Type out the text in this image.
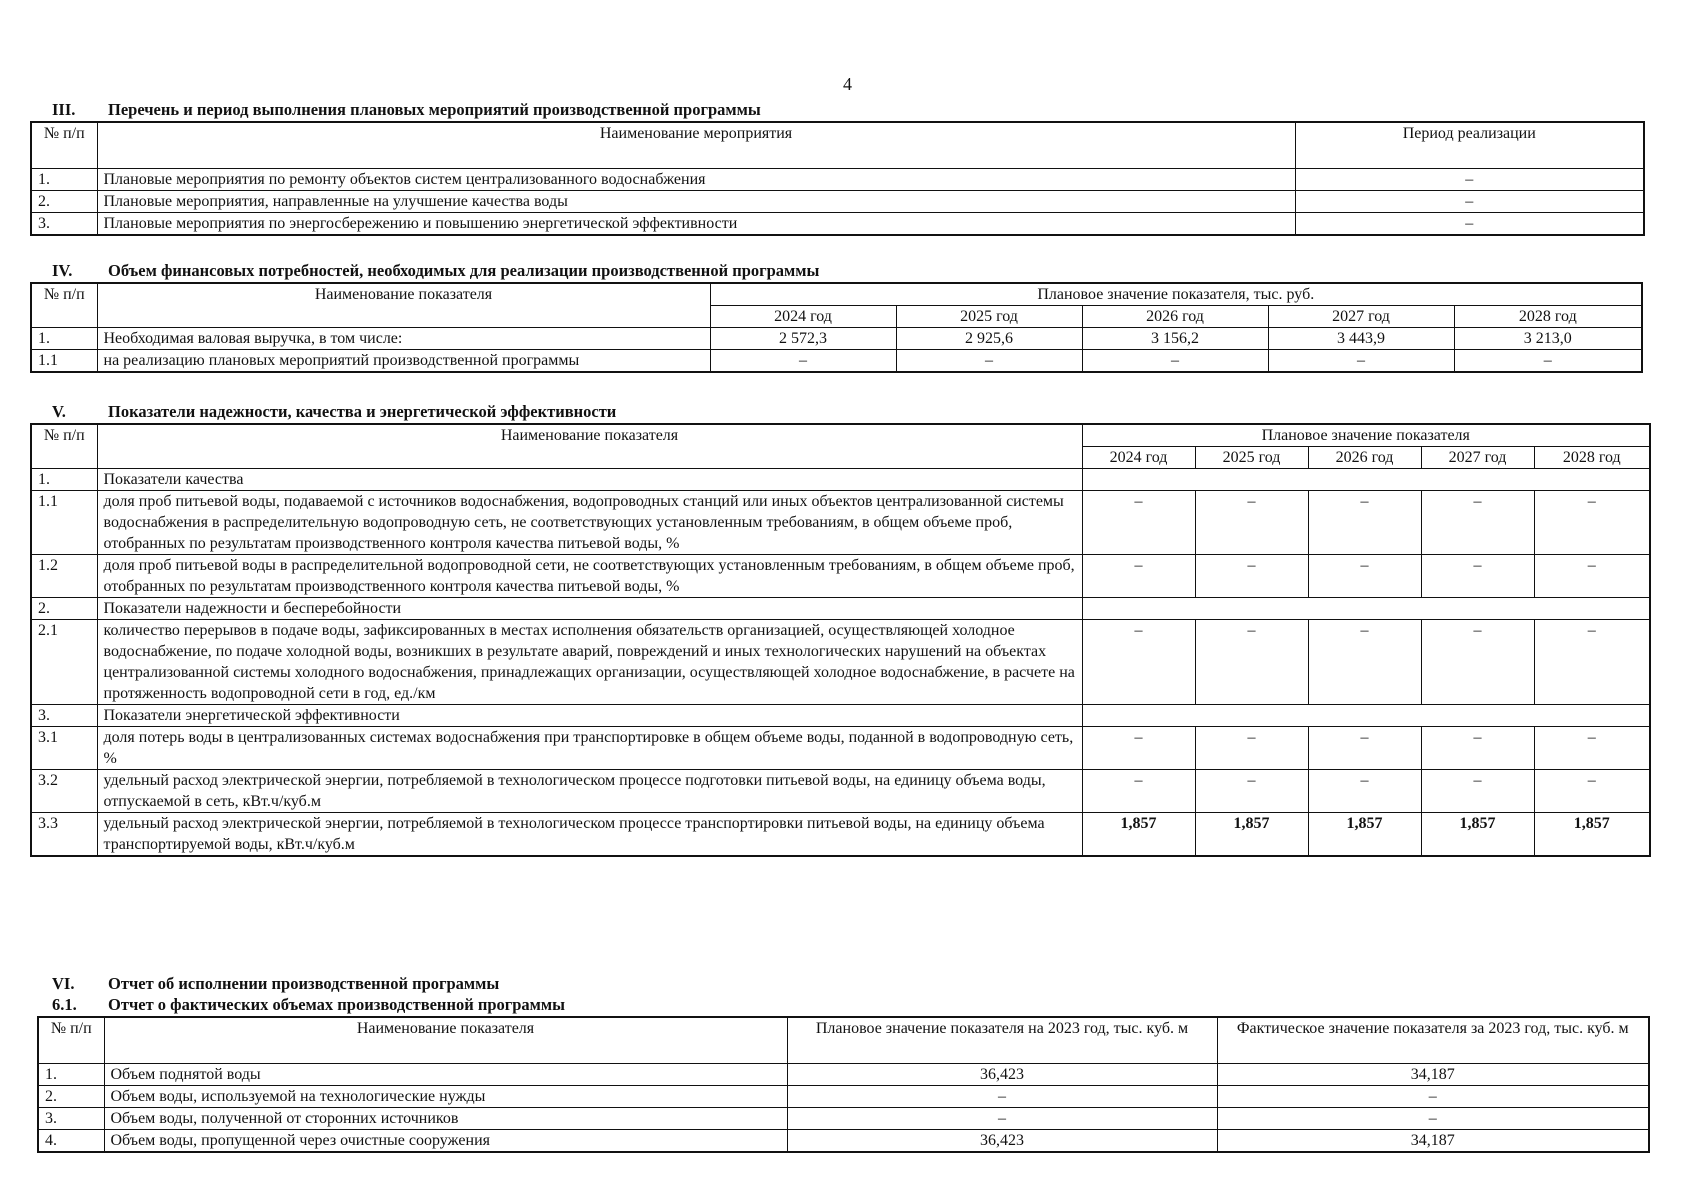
4
III. Перечень и период выполнения плановых мероприятий производственной программы
№ п/п	Наименование мероприятия	Период реализации
1.	Плановые мероприятия по ремонту объектов систем централизованного водоснабжения	–
2.	Плановые мероприятия, направленные на улучшение качества воды	–
3.	Плановые мероприятия по энергосбережению и повышению энергетической эффективности	–
IV. Объем финансовых потребностей, необходимых для реализации производственной программы
№ п/п	Наименование показателя	Плановое значение показателя, тыс. руб.				
		2024 год	2025 год	2026 год	2027 год	2028 год
1.	Необходимая валовая выручка, в том числе:	2 572,3	2 925,6	3 156,2	3 443,9	3 213,0
1.1	на реализацию плановых мероприятий производственной программы	–	–	–	–	–
V.	Показатели надежности, качества и энергетической эффективности
№ п/п	Наименование показателя	Плановое значение показателя				
		2024 год	2025 год	2026 год	2027 год	2028 год
1.	Показатели качества					
1.1	доля проб питьевой воды, подаваемой с источников водоснабжения, водопроводных станций или иных объектов централизованной системы водоснабжения в распределительную водопроводную сеть, не соответствующих установленным требованиям, в общем объеме проб, отобранных по результатам производственного контроля качества питьевой воды, %	–	–	–	–	–
1.2	доля проб питьевой воды в распределительной водопроводной сети, не соответствующих установленным требованиям, в общем объеме проб, отобранных по результатам производственного контроля качества питьевой воды, %	–	–	–	–	–
2.	Показатели надежности и бесперебойности					
2.1	количество перерывов в подаче воды, зафиксированных в местах исполнения обязательств организацией, осуществляющей холодное водоснабжение, по подаче холодной воды, возникших в результате аварий, повреждений и иных технологических нарушений на объектах централизованной системы холодного водоснабжения, принадлежащих организации, осуществляющей холодное водоснабжение, в расчете на протяженность водопроводной сети в год, ед./км	–	–	–	–	–
3.	Показатели энергетической эффективности					
3.1	доля потерь воды в централизованных системах водоснабжения при транспортировке в общем объеме воды, поданной в водопроводную сеть, %	–	–	–	–	–
3.2	удельный расход электрической энергии, потребляемой в технологическом процессе подготовки питьевой воды, на единицу объема воды, отпускаемой в сеть, кВт.ч/куб.м	–	–	–	–	–
3.3	удельный расход электрической энергии, потребляемой в технологическом процессе транспортировки питьевой воды, на единицу объема транспортируемой воды, кВт.ч/куб.м	1,857	1,857	1,857	1,857	1,857
VI. Отчет об исполнении производственной программы
6.1. Отчет о фактических объемах производственной программы
№ п/п	Наименование показателя	Плановое значение показателя на 2023 год, тыс. куб. м	Фактическое значение показателя за 2023 год, тыс. куб. м
1.	Объем поднятой воды	36,423	34,187
2.	Объем воды, используемой на технологические нужды	–	–
3.	Объем воды, полученной от сторонних источников	–	–
4.	Объем воды, пропущенной через очистные сооружения	36,423	34,187
